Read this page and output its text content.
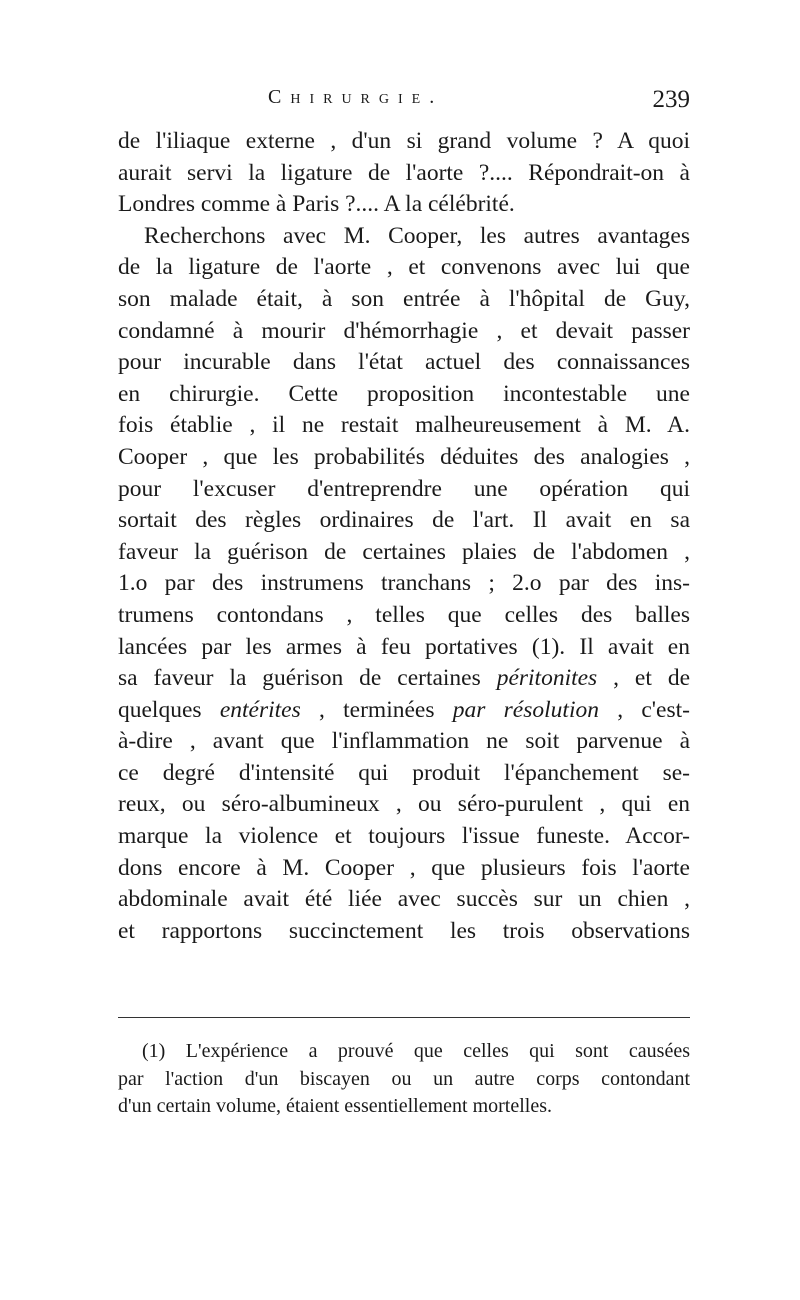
Chirurgie.	239
de l'iliaque externe , d'un si grand volume ? A quoi
aurait servi la ligature de l'aorte ?.... Répondrait-on à
Londres comme à Paris ?.... A la célébrité.
Recherchons avec M. Cooper, les autres avantages
de la ligature de l'aorte , et convenons avec lui que
son malade était, à son entrée à l'hôpital de Guy,
condamné à mourir d'hémorrhagie , et devait passer
pour incurable dans l'état actuel des connaissances
en chirurgie. Cette proposition incontestable une
fois établie , il ne restait malheureusement à M. A.
Cooper , que les probabilités déduites des analogies ,
pour l'excuser d'entreprendre une opération qui
sortait des règles ordinaires de l'art. Il avait en sa
faveur la guérison de certaines plaies de l'abdomen ,
1.o par des instrumens tranchans ; 2.o par des ins-
trumens contondans , telles que celles des balles
lancées par les armes à feu portatives (1). Il avait en
sa faveur la guérison de certaines péritonites , et de
quelques entérites , terminées par résolution , c'est-
à-dire , avant que l'inflammation ne soit parvenue à
ce degré d'intensité qui produit l'épanchement se-
reux, ou séro-albumineux , ou séro-purulent , qui en
marque la violence et toujours l'issue funeste. Accor-
dons encore à M. Cooper , que plusieurs fois l'aorte
abdominale avait été liée avec succès sur un chien ,
et rapportons succinctement les trois observations
(1) L'expérience a prouvé que celles qui sont causées
par l'action d'un biscayen ou un autre corps contondant
d'un certain volume, étaient essentiellement mortelles.
